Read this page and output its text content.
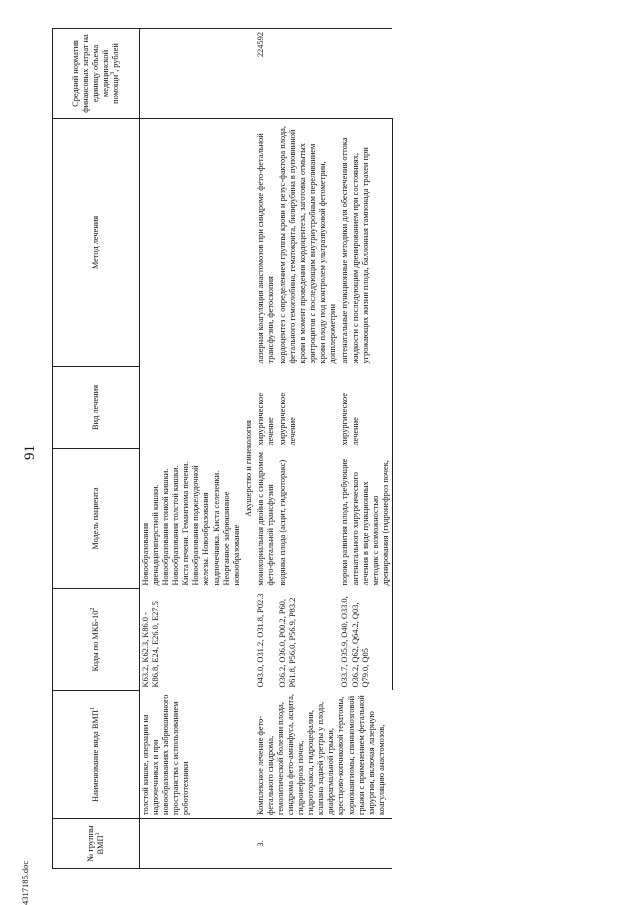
4317185.doc
91
№ группы ВМП$^1$	Наименование вида ВМП$^1$	Коды по МКБ-$10^2$	Модель пациента	Вид лечения	Метод лечения	Средний норматив финансовых затрат на единицу объема медицинской помощи$^3$, рублей
	толстой кишке, операции на надпочечниках и при новообразованиях забрюшинного пространства с использованием робототехники	K63.2, K62.3, K86.0 - K86.8, E24, E26.0, E27.5	Новообразования двенадцатиперстной кишки. Новообразования тонкой кишки. Новообразования толстой кишки. Киста печени. Гемангиома печени. Новообразования поджелудочной железы. Новообразования надпочечника. Киста селезенки. Неорганное забрюшинное новообразование			
	Акушерство и гинекология					
3.	Комплексное лечение фето-фетального синдрома, гемолитической болезни плода, синдрома фето-амнифуса, асцита, гидронефроза почек, гидроторакса, гидроцефалии, клапана задней уретры у плода, диафрагмальной грыжи, крестцово-копчиковой тератомы, хорионангиомы, спинномозговой грыжи с применением фетальной хирургии, включая лазерную коагуляцию анастомозов,	O43.0, O31.2, O31.8, P02.3	монохориальная двойня с синдромом фето-фетальной трансфузии	хирургическое лечение	лазерная коагуляция анастомозов при синдроме фето-фетальной трансфузии, фетоскопия	224592
		O36.2, O36.0, P00.2, P60, P61.8, P56.0, P56.9, P83.2	водянка плода (асцит, гидроторакс)	хирургическое лечение	кордоцентез с определением группы крови и резус-фактора плода, фетального гемоглобина, гематокрита, билирубина в пуповинной крови в момент проведения кордоцентеза, заготовка отмытых эритроцитов с последующим внутриутробным переливанием крови плоду под контролем ультразвуковой фетометрии, допплерометрии	
		O33.7, O35.9, O40, O33.0, O36.2, Q62, Q64.2, Q03, Q79.0, Q05	пороки развития плода, требующие антенатального хирургического лечения в виде пункционных методик с возможностью дренирования (гидронефроз почек,	хирургическое лечение	антенатальные пункционные методики для обеспечения оттока жидкости с последующим дренированием при состояниях, угрожающих жизни плода, баллонная тампонада трахеи при	
